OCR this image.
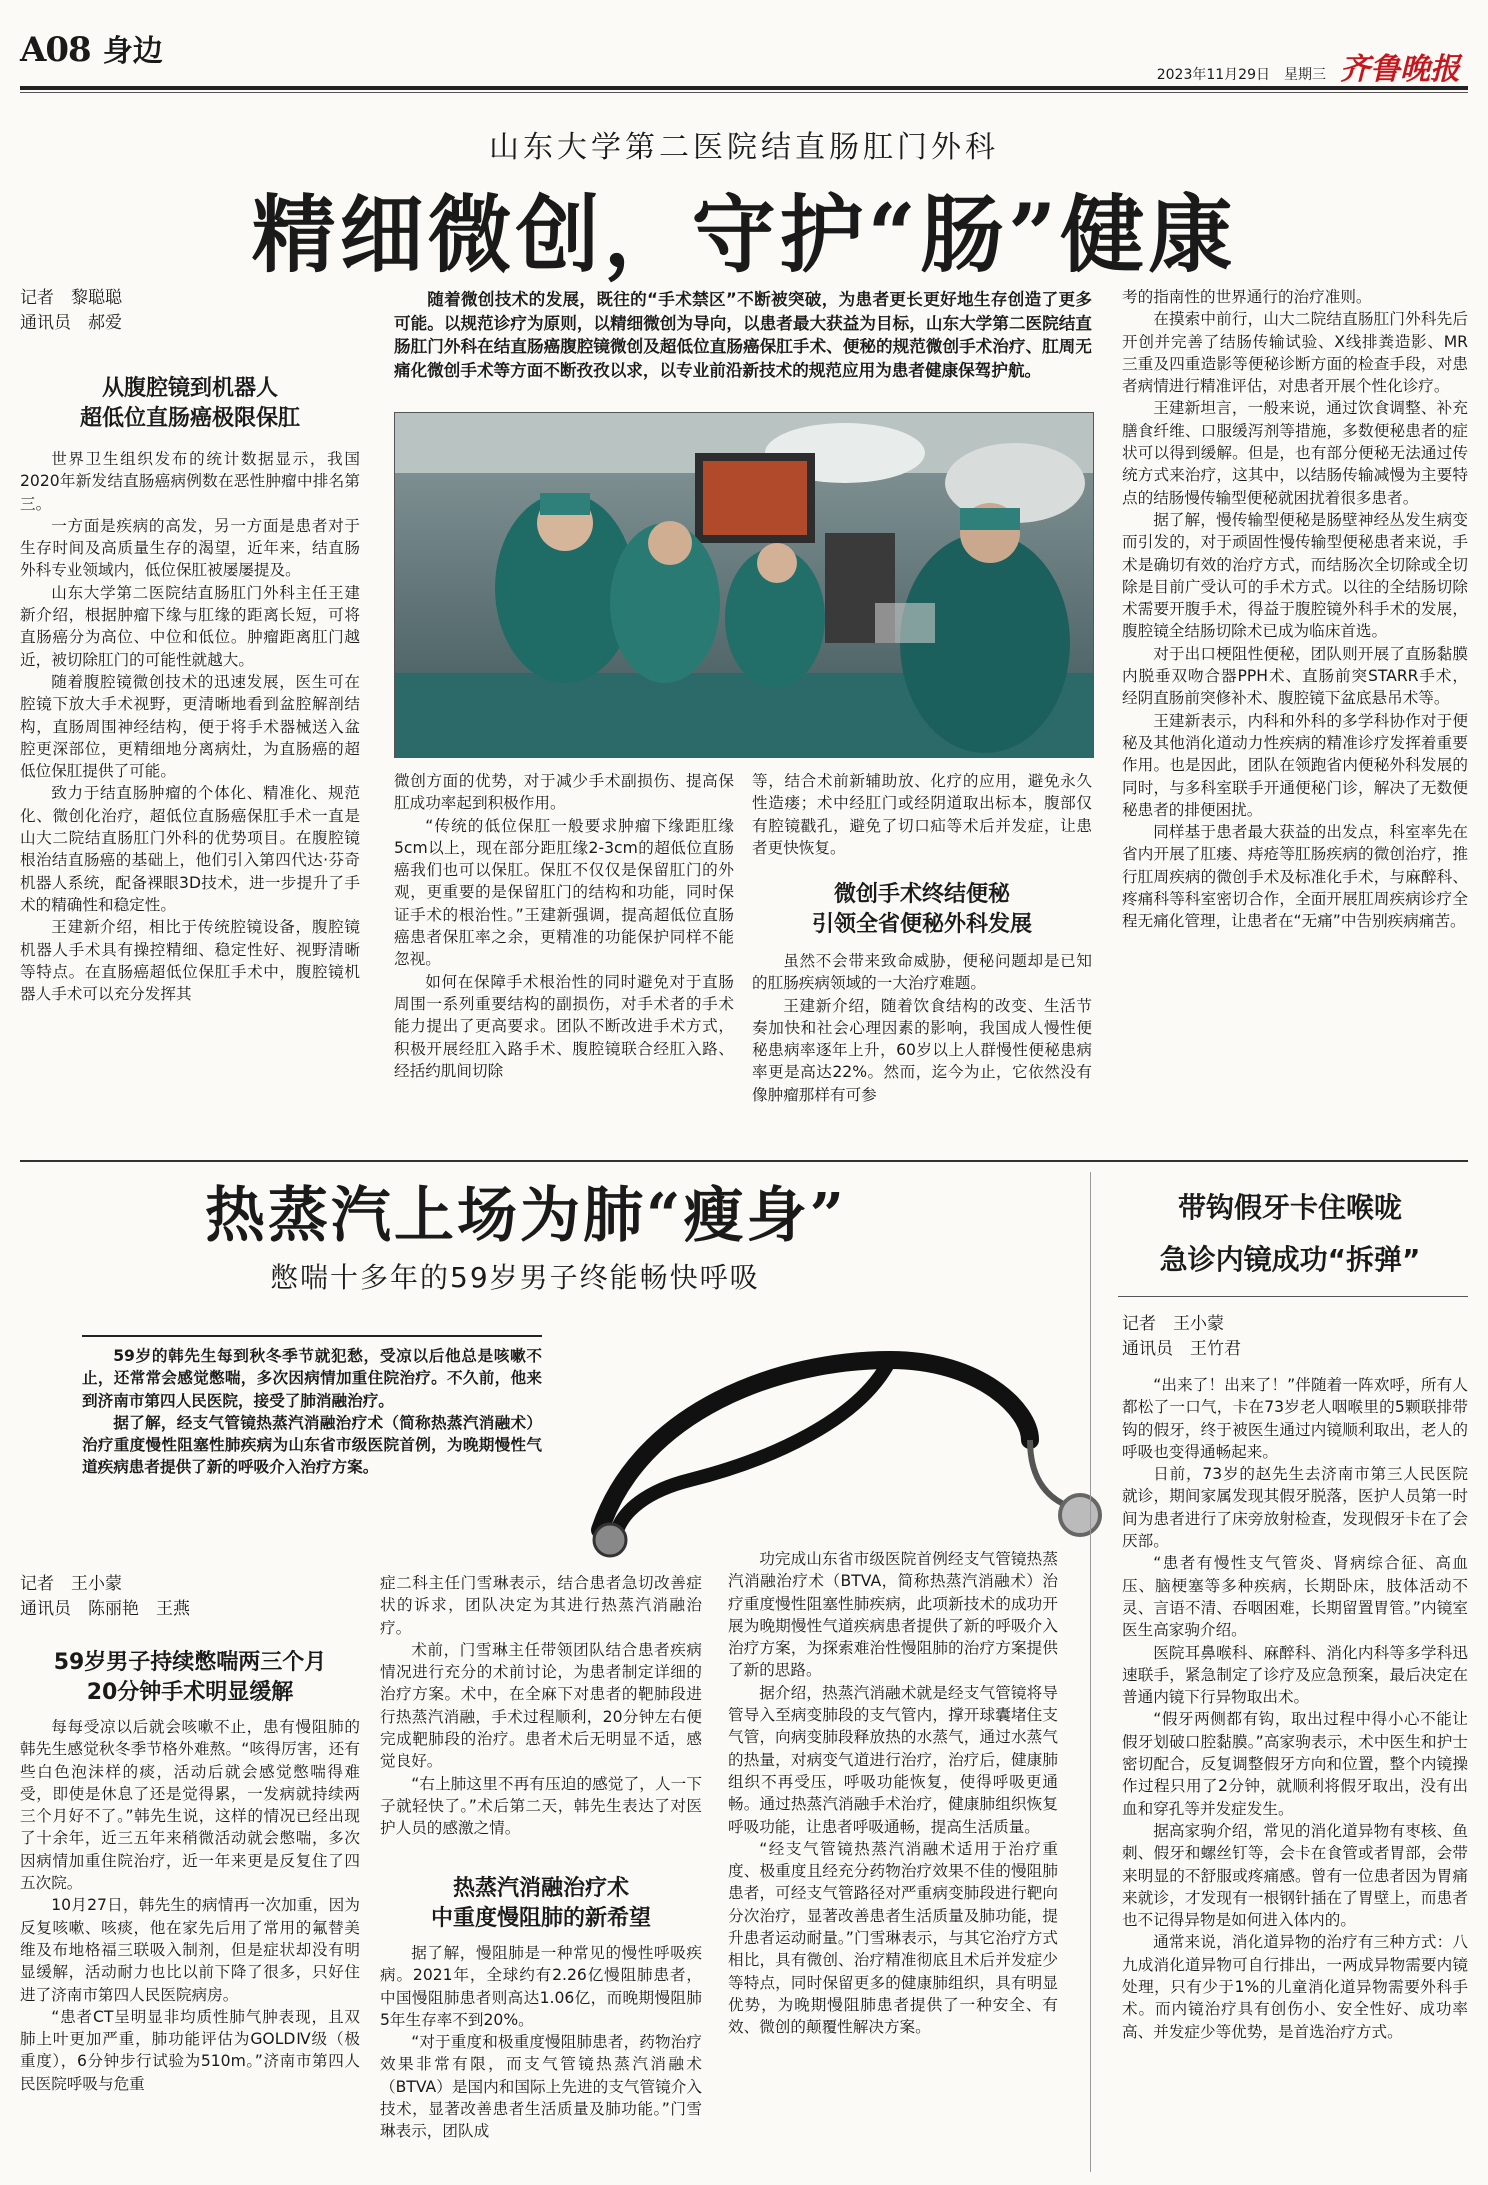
A08 身边
2023年11月29日 星期三 齐鲁晚报
山东大学第二医院结直肠肛门外科
精细微创，守护“肠”健康
记者　黎聪聪
通讯员　郝爱
随着微创技术的发展，既往的“手术禁区”不断被突破，为患者更长更好地生存创造了更多可能。以规范诊疗为原则，以精细微创为导向，以患者最大获益为目标，山东大学第二医院结直肠肛门外科在结直肠癌腹腔镜微创及超低位直肠癌保肛手术、便秘的规范微创手术治疗、肛周无痛化微创手术等方面不断孜孜以求，以专业前沿新技术的规范应用为患者健康保驾护航。
从腹腔镜到机器人
超低位直肠癌极限保肛

世界卫生组织发布的统计数据显示，我国2020年新发结直肠癌病例数在恶性肿瘤中排名第三。

一方面是疾病的高发，另一方面是患者对于生存时间及高质量生存的渴望，近年来，结直肠外科专业领域内，低位保肛被屡屡提及。

山东大学第二医院结直肠肛门外科主任王建新介绍，根据肿瘤下缘与肛缘的距离长短，可将直肠癌分为高位、中位和低位。肿瘤距离肛门越近，被切除肛门的可能性就越大。

随着腹腔镜微创技术的迅速发展，医生可在腔镜下放大手术视野，更清晰地看到盆腔解剖结构，直肠周围神经结构，便于将手术器械送入盆腔更深部位，更精细地分离病灶，为直肠癌的超低位保肛提供了可能。

致力于结直肠肿瘤的个体化、精准化、规范化、微创化治疗，超低位直肠癌保肛手术一直是山大二院结直肠肛门外科的优势项目。在腹腔镜根治结直肠癌的基础上，他们引入第四代达·芬奇机器人系统，配备裸眼3D技术，进一步提升了手术的精确性和稳定性。

王建新介绍，相比于传统腔镜设备，腹腔镜机器人手术具有操控精细、稳定性好、视野清晰等特点。在直肠癌超低位保肛手术中，腹腔镜机器人手术可以充分发挥其

微创方面的优势，对于减少手术副损伤、提高保肛成功率起到积极作用。

“传统的低位保肛一般要求肿瘤下缘距肛缘5cm以上，现在部分距肛缘2-3cm的超低位直肠癌我们也可以保肛。保肛不仅仅是保留肛门的外观，更重要的是保留肛门的结构和功能，同时保证手术的根治性。”王建新强调，提高超低位直肠癌患者保肛率之余，更精准的功能保护同样不能忽视。

如何在保障手术根治性的同时避免对于直肠周围一系列重要结构的副损伤，对手术者的手术能力提出了更高要求。团队不断改进手术方式，积极开展经肛入路手术、腹腔镜联合经肛入路、经括约肌间切除

等，结合术前新辅助放、化疗的应用，避免永久性造瘘；术中经肛门或经阴道取出标本，腹部仅有腔镜戳孔，避免了切口疝等术后并发症，让患者更快恢复。

微创手术终结便秘
引领全省便秘外科发展

虽然不会带来致命威胁，便秘问题却是已知的肛肠疾病领域的一大治疗难题。

王建新介绍，随着饮食结构的改变、生活节奏加快和社会心理因素的影响，我国成人慢性便秘患病率逐年上升，60岁以上人群慢性便秘患病率更是高达22%。然而，迄今为止，它依然没有像肿瘤那样有可参

考的指南性的世界通行的治疗准则。

在摸索中前行，山大二院结直肠肛门外科先后开创并完善了结肠传输试验、X线排粪造影、MR三重及四重造影等便秘诊断方面的检查手段，对患者病情进行精准评估，对患者开展个性化诊疗。

王建新坦言，一般来说，通过饮食调整、补充膳食纤维、口服缓泻剂等措施，多数便秘患者的症状可以得到缓解。但是，也有部分便秘无法通过传统方式来治疗，这其中，以结肠传输减慢为主要特点的结肠慢传输型便秘就困扰着很多患者。

据了解，慢传输型便秘是肠壁神经丛发生病变而引发的，对于顽固性慢传输型便秘患者来说，手术是确切有效的治疗方式，而结肠次全切除或全切除是目前广受认可的手术方式。以往的全结肠切除术需要开腹手术，得益于腹腔镜外科手术的发展，腹腔镜全结肠切除术已成为临床首选。

对于出口梗阻性便秘，团队则开展了直肠黏膜内脱垂双吻合器PPH术、直肠前突STARR手术，经阴直肠前突修补术、腹腔镜下盆底悬吊术等。

王建新表示，内科和外科的多学科协作对于便秘及其他消化道动力性疾病的精准诊疗发挥着重要作用。也是因此，团队在领跑省内便秘外科发展的同时，与多科室联手开通便秘门诊，解决了无数便秘患者的排便困扰。

同样基于患者最大获益的出发点，科室率先在省内开展了肛瘘、痔疮等肛肠疾病的微创治疗，推行肛周疾病的微创手术及标准化手术，与麻醉科、疼痛科等科室密切合作，全面开展肛周疾病诊疗全程无痛化管理，让患者在“无痛”中告别疾病痛苦。

热蒸汽上场为肺“瘦身”
憋喘十多年的59岁男子终能畅快呼吸
59岁的韩先生每到秋冬季节就犯愁，受凉以后他总是咳嗽不止，还常常会感觉憋喘，多次因病情加重住院治疗。不久前，他来到济南市第四人民医院，接受了肺消融治疗。
据了解，经支气管镜热蒸汽消融治疗术（简称热蒸汽消融术）治疗重度慢性阻塞性肺疾病为山东省市级医院首例，为晚期慢性气道疾病患者提供了新的呼吸介入治疗方案。
记者　王小蒙
通讯员　陈丽艳　王燕
59岁男子持续憋喘两三个月
20分钟手术明显缓解

每每受凉以后就会咳嗽不止，患有慢阻肺的韩先生感觉秋冬季节格外难熬。“咳得厉害，还有些白色泡沫样的痰，活动后就会感觉憋喘得难受，即使是休息了还是觉得累，一发病就持续两三个月好不了。”韩先生说，这样的情况已经出现了十余年，近三五年来稍微活动就会憋喘，多次因病情加重住院治疗，近一年来更是反复住了四五次院。

10月27日，韩先生的病情再一次加重，因为反复咳嗽、咳痰，他在家先后用了常用的氟替美维及布地格福三联吸入制剂，但是症状却没有明显缓解，活动耐力也比以前下降了很多，只好住进了济南市第四人民医院病房。

“患者CT呈明显非均质性肺气肿表现，且双肺上叶更加严重，肺功能评估为GOLDⅣ级（极重度），6分钟步行试验为510m。”济南市第四人民医院呼吸与危重

症二科主任门雪琳表示，结合患者急切改善症状的诉求，团队决定为其进行热蒸汽消融治疗。

术前，门雪琳主任带领团队结合患者疾病情况进行充分的术前讨论，为患者制定详细的治疗方案。术中，在全麻下对患者的靶肺段进行热蒸汽消融，手术过程顺利，20分钟左右便完成靶肺段的治疗。患者术后无明显不适，感觉良好。

“右上肺这里不再有压迫的感觉了，人一下子就轻快了。”术后第二天，韩先生表达了对医护人员的感激之情。

热蒸汽消融治疗术
中重度慢阻肺的新希望

据了解，慢阻肺是一种常见的慢性呼吸疾病。2021年，全球约有2.26亿慢阻肺患者，中国慢阻肺患者则高达1.06亿，而晚期慢阻肺5年生存率不到20%。

“对于重度和极重度慢阻肺患者，药物治疗效果非常有限，而支气管镜热蒸汽消融术（BTVA）是国内和国际上先进的支气管镜介入技术，显著改善患者生活质量及肺功能。”门雪琳表示，团队成

功完成山东省市级医院首例经支气管镜热蒸汽消融治疗术（BTVA，简称热蒸汽消融术）治疗重度慢性阻塞性肺疾病，此项新技术的成功开展为晚期慢性气道疾病患者提供了新的呼吸介入治疗方案，为探索难治性慢阻肺的治疗方案提供了新的思路。

据介绍，热蒸汽消融术就是经支气管镜将导管导入至病变肺段的支气管内，撑开球囊堵住支气管，向病变肺段释放热的水蒸气，通过水蒸气的热量，对病变气道进行治疗，治疗后，健康肺组织不再受压，呼吸功能恢复，使得呼吸更通畅。通过热蒸汽消融手术治疗，健康肺组织恢复呼吸功能，让患者呼吸通畅，提高生活质量。

“经支气管镜热蒸汽消融术适用于治疗重度、极重度且经充分药物治疗效果不佳的慢阻肺患者，可经支气管路径对严重病变肺段进行靶向分次治疗，显著改善患者生活质量及肺功能，提升患者运动耐量。”门雪琳表示，与其它治疗方式相比，具有微创、治疗精准彻底且术后并发症少等特点，同时保留更多的健康肺组织，具有明显优势，为晚期慢阻肺患者提供了一种安全、有效、微创的颠覆性解决方案。

带钩假牙卡住喉咙
急诊内镜成功“拆弹”
记者　王小蒙
通讯员　王竹君

“出来了！出来了！”伴随着一阵欢呼，所有人都松了一口气，卡在73岁老人咽喉里的5颗联排带钩的假牙，终于被医生通过内镜顺利取出，老人的呼吸也变得通畅起来。

日前，73岁的赵先生去济南市第三人民医院就诊，期间家属发现其假牙脱落，医护人员第一时间为患者进行了床旁放射检查，发现假牙卡在了会厌部。

“患者有慢性支气管炎、肾病综合征、高血压、脑梗塞等多种疾病，长期卧床，肢体活动不灵、言语不清、吞咽困难，长期留置胃管。”内镜室医生高家驹介绍。

医院耳鼻喉科、麻醉科、消化内科等多学科迅速联手，紧急制定了诊疗及应急预案，最后决定在普通内镜下行异物取出术。

“假牙两侧都有钩，取出过程中得小心不能让假牙划破口腔黏膜。”高家驹表示，术中医生和护士密切配合，反复调整假牙方向和位置，整个内镜操作过程只用了2分钟，就顺利将假牙取出，没有出血和穿孔等并发症发生。

据高家驹介绍，常见的消化道异物有枣核、鱼刺、假牙和螺丝钉等，会卡在食管或者胃部，会带来明显的不舒服或疼痛感。曾有一位患者因为胃痛来就诊，才发现有一根钢针插在了胃壁上，而患者也不记得异物是如何进入体内的。

通常来说，消化道异物的治疗有三种方式：八九成消化道异物可自行排出，一两成异物需要内镜处理，只有少于1%的儿童消化道异物需要外科手术。而内镜治疗具有创伤小、安全性好、成功率高、并发症少等优势，是首选治疗方式。
